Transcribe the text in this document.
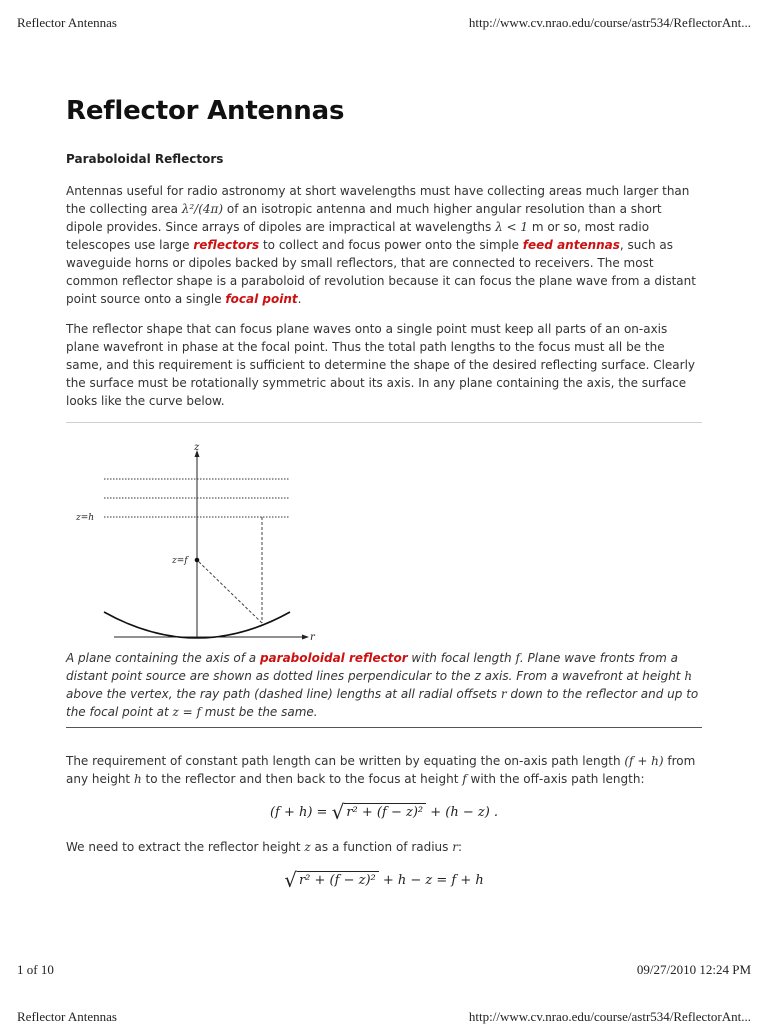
Reflector Antennas	http://www.cv.nrao.edu/course/astr534/ReflectorAnt...
Reflector Antennas
Paraboloidal Reflectors

Antennas useful for radio astronomy at short wavelengths must have collecting areas much larger than the collecting area λ²/(4π) of an isotropic antenna and much higher angular resolution than a short dipole provides. Since arrays of dipoles are impractical at wavelengths λ < 1 m or so, most radio telescopes use large reflectors to collect and focus power onto the simple feed antennas, such as waveguide horns or dipoles backed by small reflectors, that are connected to receivers. The most common reflector shape is a paraboloid of revolution because it can focus the plane wave from a distant point source onto a single focal point.

The reflector shape that can focus plane waves onto a single point must keep all parts of an on-axis plane wavefront in phase at the focal point. Thus the total path lengths to the focus must all be the same, and this requirement is sufficient to determine the shape of the desired reflecting surface. Clearly the surface must be rotationally symmetric about its axis. In any plane containing the axis, the surface looks like the curve below.

z
r
z=h
z=f

A plane containing the axis of a paraboloidal reflector with focal length f. Plane wave fronts from a distant point source are shown as dotted lines perpendicular to the z axis. From a wavefront at height h above the vertex, the ray path (dashed line) lengths at all radial offsets r down to the reflector and up to the focal point at z = f must be the same.

The requirement of constant path length can be written by equating the on-axis path length (f + h) from any height h to the reflector and then back to the focus at height f with the off-axis path length:

(f + h) = √ r² + (f − z)² + (h − z) .

We need to extract the reflector height z as a function of radius r:

√ r² + (f − z)² + h − z = f + h
1 of 10	09/27/2010 12:24 PM
Reflector Antennas	http://www.cv.nrao.edu/course/astr534/ReflectorAnt...
